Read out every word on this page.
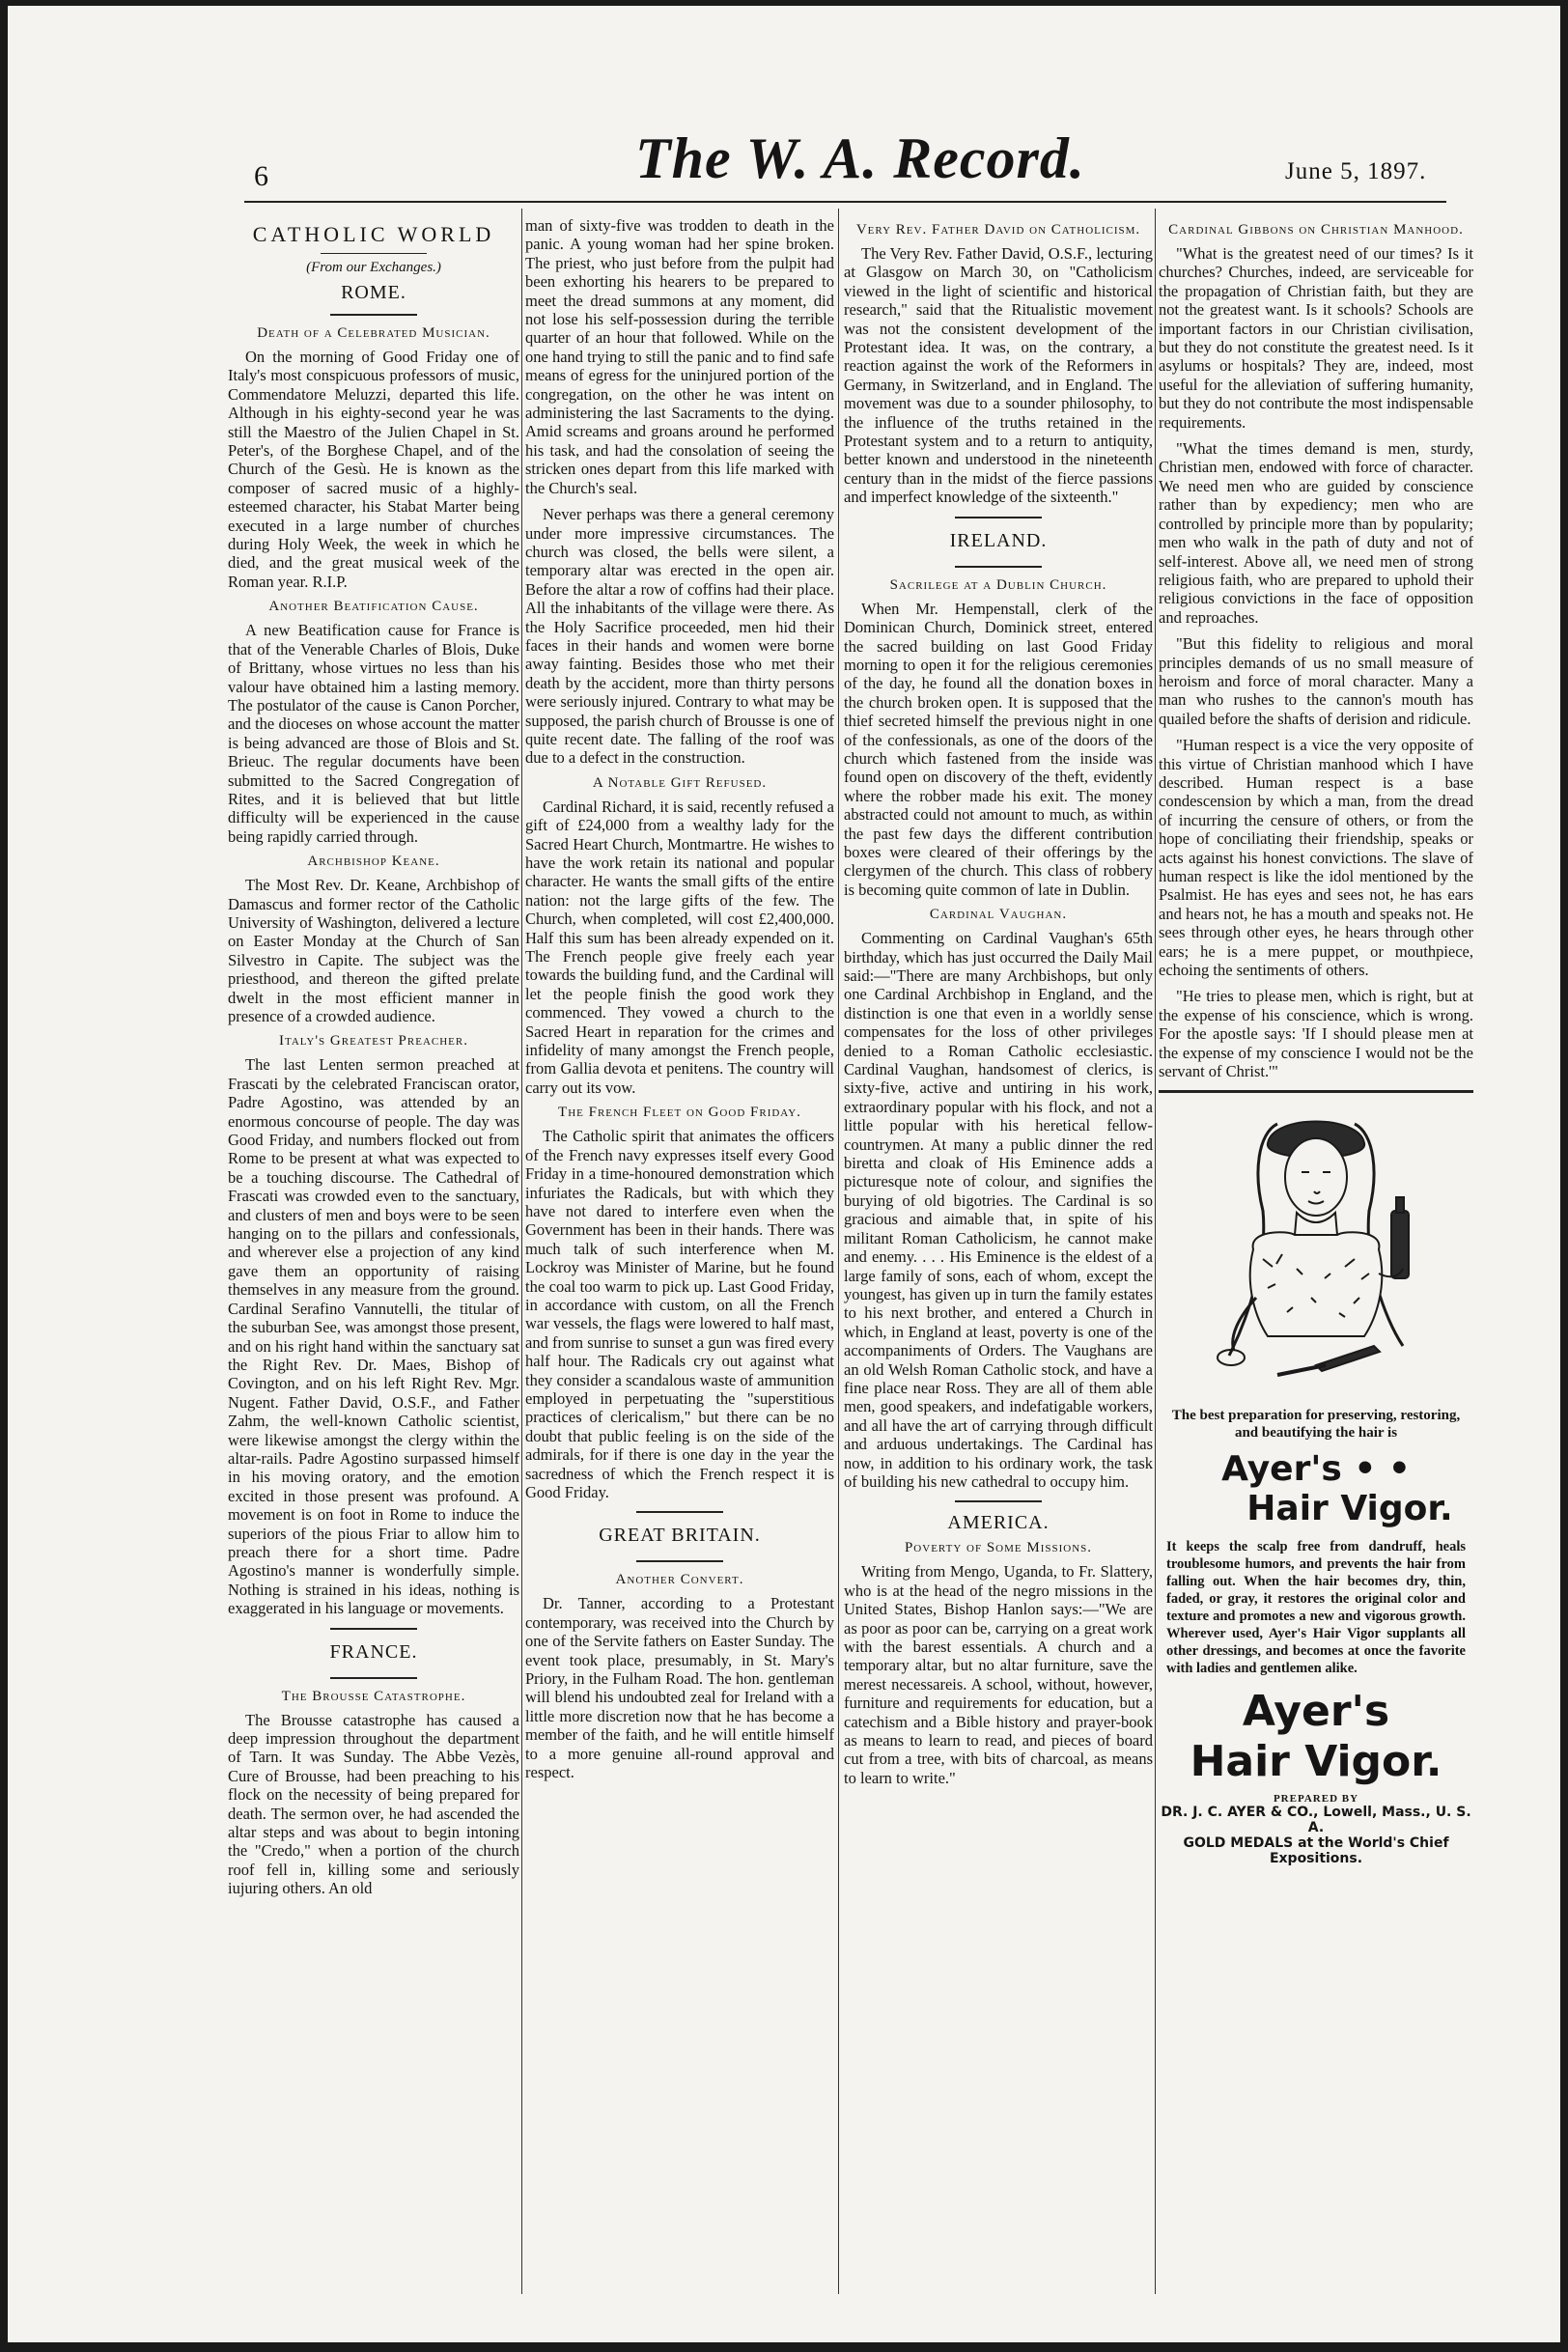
6	The W. A. Record.	June 5, 1897.
CATHOLIC WORLD
(From our Exchanges.)
ROME.
Death of a Celebrated Musician.

On the morning of Good Friday one of Italy's most conspicuous professors of music, Commendatore Meluzzi, departed this life. Although in his eighty-second year he was still the Maestro of the Julien Chapel in St. Peter's, of the Borghese Chapel, and of the Church of the Gesù. He is known as the composer of sacred music of a highly-esteemed character, his Stabat Marter being executed in a large number of churches during Holy Week, the week in which he died, and the great musical week of the Roman year. R.I.P.

Another Beatification Cause.

A new Beatification cause for France is that of the Venerable Charles of Blois, Duke of Brittany, whose virtues no less than his valour have obtained him a lasting memory. The postulator of the cause is Canon Porcher, and the dioceses on whose account the matter is being advanced are those of Blois and St. Brieuc. The regular documents have been submitted to the Sacred Congregation of Rites, and it is believed that but little difficulty will be experienced in the cause being rapidly carried through.

Archbishop Keane.

The Most Rev. Dr. Keane, Archbishop of Damascus and former rector of the Catholic University of Washington, delivered a lecture on Easter Monday at the Church of San Silvestro in Capite. The subject was the priesthood, and thereon the gifted prelate dwelt in the most efficient manner in presence of a crowded audience.

Italy's Greatest Preacher.

The last Lenten sermon preached at Frascati by the celebrated Franciscan orator, Padre Agostino, was attended by an enormous concourse of people. The day was Good Friday, and numbers flocked out from Rome to be present at what was expected to be a touching discourse. The Cathedral of Frascati was crowded even to the sanctuary, and clusters of men and boys were to be seen hanging on to the pillars and confessionals, and wherever else a projection of any kind gave them an opportunity of raising themselves in any measure from the ground. Cardinal Serafino Vannutelli, the titular of the suburban See, was amongst those present, and on his right hand within the sanctuary sat the Right Rev. Dr. Maes, Bishop of Covington, and on his left Right Rev. Mgr. Nugent. Father David, O.S.F., and Father Zahm, the well-known Catholic scientist, were likewise amongst the clergy within the altar-rails. Padre Agostino surpassed himself in his moving oratory, and the emotion excited in those present was profound. A movement is on foot in Rome to induce the superiors of the pious Friar to allow him to preach there for a short time. Padre Agostino's manner is wonderfully simple. Nothing is strained in his ideas, nothing is exaggerated in his language or movements.

FRANCE.
The Brousse Catastrophe.

The Brousse catastrophe has caused a deep impression throughout the department of Tarn. It was Sunday. The Abbe Vezès, Cure of Brousse, had been preaching to his flock on the necessity of being prepared for death. The sermon over, he had ascended the altar steps and was about to begin intoning the "Credo," when a portion of the church roof fell in, killing some and seriously iujuring others. An old

man of sixty-five was trodden to death in the panic. A young woman had her spine broken. The priest, who just before from the pulpit had been exhorting his hearers to be prepared to meet the dread summons at any moment, did not lose his self-possession during the terrible quarter of an hour that followed. While on the one hand trying to still the panic and to find safe means of egress for the uninjured portion of the congregation, on the other he was intent on administering the last Sacraments to the dying. Amid screams and groans around he performed his task, and had the consolation of seeing the stricken ones depart from this life marked with the Church's seal.

Never perhaps was there a general ceremony under more impressive circumstances. The church was closed, the bells were silent, a temporary altar was erected in the open air. Before the altar a row of coffins had their place. All the inhabitants of the village were there. As the Holy Sacrifice proceeded, men hid their faces in their hands and women were borne away fainting. Besides those who met their death by the accident, more than thirty persons were seriously injured. Contrary to what may be supposed, the parish church of Brousse is one of quite recent date. The falling of the roof was due to a defect in the construction.

A Notable Gift Refused.

Cardinal Richard, it is said, recently refused a gift of £24,000 from a wealthy lady for the Sacred Heart Church, Montmartre. He wishes to have the work retain its national and popular character. He wants the small gifts of the entire nation: not the large gifts of the few. The Church, when completed, will cost £2,400,000. Half this sum has been already expended on it. The French people give freely each year towards the building fund, and the Cardinal will let the people finish the good work they commenced. They vowed a church to the Sacred Heart in reparation for the crimes and infidelity of many amongst the French people, from Gallia devota et penitens. The country will carry out its vow.

The French Fleet on Good Friday.

The Catholic spirit that animates the officers of the French navy expresses itself every Good Friday in a time-honoured demonstration which infuriates the Radicals, but with which they have not dared to interfere even when the Government has been in their hands. There was much talk of such interference when M. Lockroy was Minister of Marine, but he found the coal too warm to pick up. Last Good Friday, in accordance with custom, on all the French war vessels, the flags were lowered to half mast, and from sunrise to sunset a gun was fired every half hour. The Radicals cry out against what they consider a scandalous waste of ammunition employed in perpetuating the "superstitious practices of clericalism," but there can be no doubt that public feeling is on the side of the admirals, for if there is one day in the year the sacredness of which the French respect it is Good Friday.

GREAT BRITAIN.
Another Convert.

Dr. Tanner, according to a Protestant contemporary, was received into the Church by one of the Servite fathers on Easter Sunday. The event took place, presumably, in St. Mary's Priory, in the Fulham Road. The hon. gentleman will blend his undoubted zeal for Ireland with a little more discretion now that he has become a member of the faith, and he will entitle himself to a more genuine all-round approval and respect.

Very Rev. Father David on Catholicism.

The Very Rev. Father David, O.S.F., lecturing at Glasgow on March 30, on "Catholicism viewed in the light of scientific and historical research," said that the Ritualistic movement was not the consistent development of the Protestant idea. It was, on the contrary, a reaction against the work of the Reformers in Germany, in Switzerland, and in England. The movement was due to a sounder philosophy, to the influence of the truths retained in the Protestant system and to a return to antiquity, better known and understood in the nineteenth century than in the midst of the fierce passions and imperfect knowledge of the sixteenth."

IRELAND.
Sacrilege at a Dublin Church.

When Mr. Hempenstall, clerk of the Dominican Church, Dominick street, entered the sacred building on last Good Friday morning to open it for the religious ceremonies of the day, he found all the donation boxes in the church broken open. It is supposed that the thief secreted himself the previous night in one of the confessionals, as one of the doors of the church which fastened from the inside was found open on discovery of the theft, evidently where the robber made his exit. The money abstracted could not amount to much, as within the past few days the different contribution boxes were cleared of their offerings by the clergymen of the church. This class of robbery is becoming quite common of late in Dublin.

Cardinal Vaughan.

Commenting on Cardinal Vaughan's 65th birthday, which has just occurred the Daily Mail said:—"There are many Archbishops, but only one Cardinal Archbishop in England, and the distinction is one that even in a worldly sense compensates for the loss of other privileges denied to a Roman Catholic ecclesiastic. Cardinal Vaughan, handsomest of clerics, is sixty-five, active and untiring in his work, extraordinary popular with his flock, and not a little popular with his heretical fellow-countrymen. At many a public dinner the red biretta and cloak of His Eminence adds a picturesque note of colour, and signifies the burying of old bigotries. The Cardinal is so gracious and aimable that, in spite of his militant Roman Catholicism, he cannot make and enemy. . . . His Eminence is the eldest of a large family of sons, each of whom, except the youngest, has given up in turn the family estates to his next brother, and entered a Church in which, in England at least, poverty is one of the accompaniments of Orders. The Vaughans are an old Welsh Roman Catholic stock, and have a fine place near Ross. They are all of them able men, good speakers, and indefatigable workers, and all have the art of carrying through difficult and arduous undertakings. The Cardinal has now, in addition to his ordinary work, the task of building his new cathedral to occupy him.

AMERICA.
Poverty of Some Missions.

Writing from Mengo, Uganda, to Fr. Slattery, who is at the head of the negro missions in the United States, Bishop Hanlon says:—"We are as poor as poor can be, carrying on a great work with the barest essentials. A church and a temporary altar, but no altar furniture, save the merest necessareis. A school, without, however, furniture and requirements for education, but a catechism and a Bible history and prayer-book as means to learn to read, and pieces of board cut from a tree, with bits of charcoal, as means to learn to write."

Cardinal Gibbons on Christian Manhood.

"What is the greatest need of our times? Is it churches? Churches, indeed, are serviceable for the propagation of Christian faith, but they are not the greatest want. Is it schools? Schools are important factors in our Christian civilisation, but they do not constitute the greatest need. Is it asylums or hospitals? They are, indeed, most useful for the alleviation of suffering humanity, but they do not contribute the most indispensable requirements.

"What the times demand is men, sturdy, Christian men, endowed with force of character. We need men who are guided by conscience rather than by expediency; men who are controlled by principle more than by popularity; men who walk in the path of duty and not of self-interest. Above all, we need men of strong religious faith, who are prepared to uphold their religious convictions in the face of opposition and reproaches.

"But this fidelity to religious and moral principles demands of us no small measure of heroism and force of moral character. Many a man who rushes to the cannon's mouth has quailed before the shafts of derision and ridicule.

"Human respect is a vice the very opposite of this virtue of Christian manhood which I have described. Human respect is a base condescension by which a man, from the dread of incurring the censure of others, or from the hope of conciliating their friendship, speaks or acts against his honest convictions. The slave of human respect is like the idol mentioned by the Psalmist. He has eyes and sees not, he has ears and hears not, he has a mouth and speaks not. He sees through other eyes, he hears through other ears; he is a mere puppet, or mouthpiece, echoing the sentiments of others.

"He tries to please men, which is right, but at the expense of his conscience, which is wrong. For the apostle says: 'If I should please men at the expense of my conscience I would not be the servant of Christ.'"

The best preparation for preserving, restoring, and beautifying the hair is
Ayer's • •
Hair Vigor.
It keeps the scalp free from dandruff, heals troublesome humors, and prevents the hair from falling out. When the hair becomes dry, thin, faded, or gray, it restores the original color and texture and promotes a new and vigorous growth. Wherever used, Ayer's Hair Vigor supplants all other dressings, and becomes at once the favorite with ladies and gentlemen alike.
Ayer's
Hair Vigor.
PREPARED BY
DR. J. C. AYER & CO., Lowell, Mass., U. S. A.
GOLD MEDALS at the World's Chief Expositions.
